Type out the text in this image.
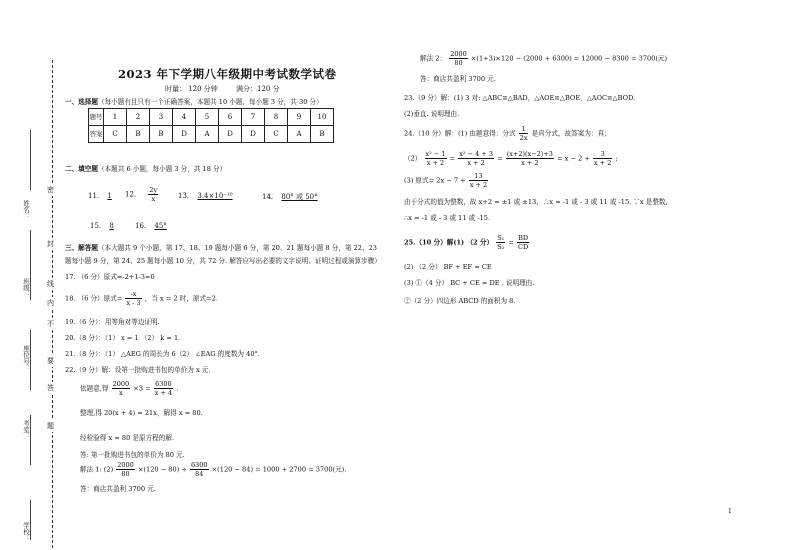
姓名：
班级：
座位号：
考室：
学校：
密
封
线
内
不
要
答
题
2023 年下学期八年级期中考试数学试卷
时量： 120 分钟	满分：120 分
一、选择题（每小题有且只有一个正确答案，本题共 10 小题，每小题 3 分，共 30 分）
题号	1	2	3	4	5	6	7	8	9	10
答案	C	B	B	D	A	D	D	C	A	B
二、填空题（本题共 6 小题，每小题 3 分，共 18 分）
11. 1 12. $\frac{2y}{x}$	13. 3.4×10⁻¹⁰	14. 80° 或 50°
15. 8	16. 45°
三、解答题（本大题共 9 个小题，第 17、18、19 题每小题 6 分，第 20、21 题每小题 8 分，第 22、23
题每小题 9 分，第 24、25 题每小题 10 分，共 72 分. 解答应写出必要的文字说明、证明过程或演算步骤）
17. （6 分）原式=-2+1-3=0
18. （6 分）原式= $\frac{-x}{x - 3}$ ，当 x = 2 时，原式=2.
19.（6 分）：用等角对等边证明.
20.（8 分）：（1） x = 1 （2） k = 1.
21.（8 分）：（1） △AEG 的周长为 6（2） ∠EAG 的度数为 40°.
22.（9 分）解：设第一批购进书包的单价为 x 元.
依题意,得 $\frac{2000}{x} \times 3 = \frac{6300}{x + 4}$ .
整理,得 20(x + 4) = 21x，解得 x = 80.
经检验得 x = 80 是原方程的解.
答: 第一批购进书包的单价为 80 元.
解法 1: $(2) \frac{2000}{80} \times(120 - 80) + \frac{6300}{84} \times(120 - 84) = 1000 + 2700 = 3700$(元).
答：商店共盈利 3700 元.
解法 2： $\frac{2000}{80} \times(1+3)\times 120 - (2000 + 6300) = 12000 - 8300 = 3700$(元)
答：商店共盈利 3700 元.
23.（9 分）解：(1) 3 对: △ABC≌△BAD，△AOE≌△BOE，△AOC≌△BOD.
(2)垂直. 说明理由.
24.（10 分）解：(1) 由题意得：分式 $\frac{1}{2x}$ 是真分式，故答案为：真；
$(2) \frac{\text{x² − 1}}{x + 2} = \frac{\text{x² − 4 + 3}}{x + 2} = \frac{(x+2)(x-2)+3}{x + 2} = x - 2 + \frac{3}{x + 2}$ ;
(3) 原式= $2x - 7 + \frac{13}{x + 2}$
由于分式的值为整数，故 x+2 = ±1 或 ±13，∴x = -1 或 - 3 或 11 或 -15. ∵x 是整数,
∴x = -1 或 - 3 或 11 或 -15.
25.（10 分）解(1) （2 分） $\frac{\text{S₁}}{\text{S₂}} = \frac{BD}{CD}$
(2) （2 分） BF + EF = CE
(3) ①（4 分） BC + CE = DE . 说明理由.
②（2 分）四边形 ABCD 的面积为 8.
1
